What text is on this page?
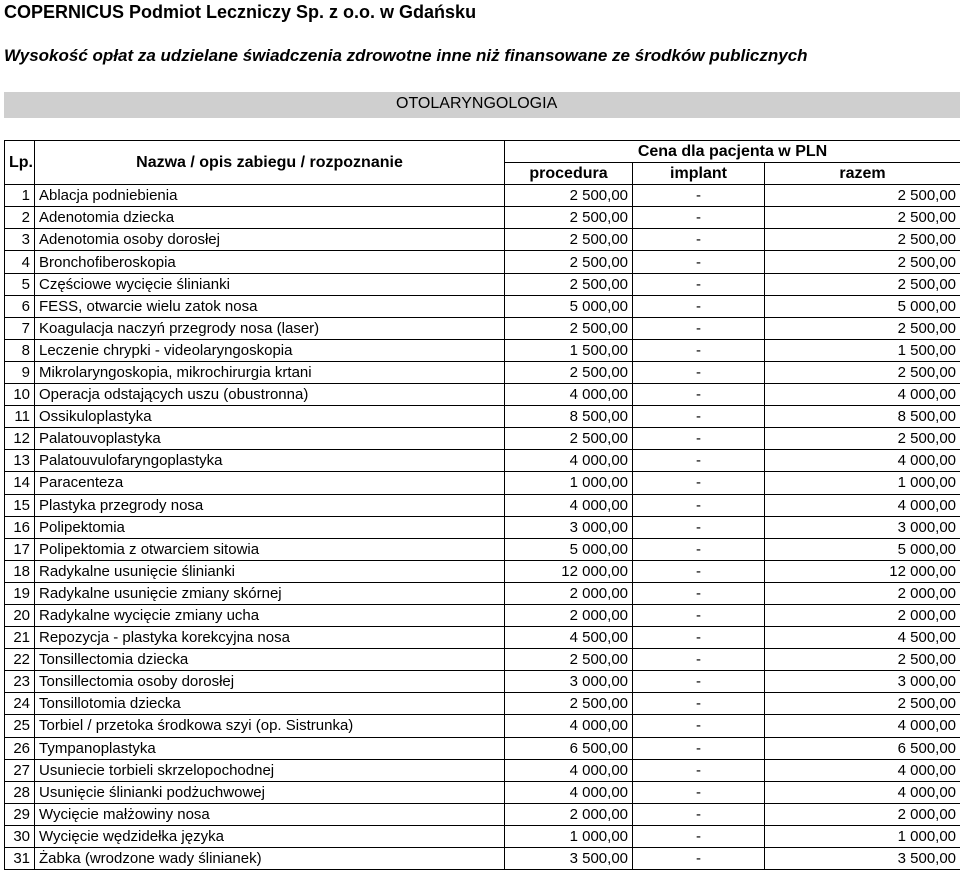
COPERNICUS Podmiot Leczniczy Sp. z o.o. w Gdańsku
Wysokość opłat za udzielane świadczenia zdrowotne inne niż finansowane ze środków publicznych
OTOLARYNGOLOGIA
Lp.	Nazwa / opis zabiegu / rozpoznanie	Cena dla pacjenta w PLN		
		procedura	implant	razem
1	Ablacja podniebienia	2 500,00	-	2 500,00
2	Adenotomia dziecka	2 500,00	-	2 500,00
3	Adenotomia osoby dorosłej	2 500,00	-	2 500,00
4	Bronchofiberoskopia	2 500,00	-	2 500,00
5	Częściowe wycięcie ślinianki	2 500,00	-	2 500,00
6	FESS, otwarcie wielu zatok nosa	5 000,00	-	5 000,00
7	Koagulacja naczyń przegrody nosa (laser)	2 500,00	-	2 500,00
8	Leczenie chrypki - videolaryngoskopia	1 500,00	-	1 500,00
9	Mikrolaryngoskopia, mikrochirurgia krtani	2 500,00	-	2 500,00
10	Operacja odstających uszu (obustronna)	4 000,00	-	4 000,00
11	Ossikuloplastyka	8 500,00	-	8 500,00
12	Palatouvoplastyka	2 500,00	-	2 500,00
13	Palatouvulofaryngoplastyka	4 000,00	-	4 000,00
14	Paracenteza	1 000,00	-	1 000,00
15	Plastyka przegrody nosa	4 000,00	-	4 000,00
16	Polipektomia	3 000,00	-	3 000,00
17	Polipektomia z otwarciem sitowia	5 000,00	-	5 000,00
18	Radykalne usunięcie ślinianki	12 000,00	-	12 000,00
19	Radykalne usunięcie zmiany skórnej	2 000,00	-	2 000,00
20	Radykalne wycięcie zmiany ucha	2 000,00	-	2 000,00
21	Repozycja - plastyka korekcyjna nosa	4 500,00	-	4 500,00
22	Tonsillectomia dziecka	2 500,00	-	2 500,00
23	Tonsillectomia osoby dorosłej	3 000,00	-	3 000,00
24	Tonsillotomia dziecka	2 500,00	-	2 500,00
25	Torbiel / przetoka środkowa szyi (op. Sistrunka)	4 000,00	-	4 000,00
26	Tympanoplastyka	6 500,00	-	6 500,00
27	Usuniecie torbieli skrzelopochodnej	4 000,00	-	4 000,00
28	Usunięcie ślinianki podżuchwowej	4 000,00	-	4 000,00
29	Wycięcie małżowiny nosa	2 000,00	-	2 000,00
30	Wycięcie wędzidełka języka	1 000,00	-	1 000,00
31	Żabka (wrodzone wady ślinianek)	3 500,00	-	3 500,00
